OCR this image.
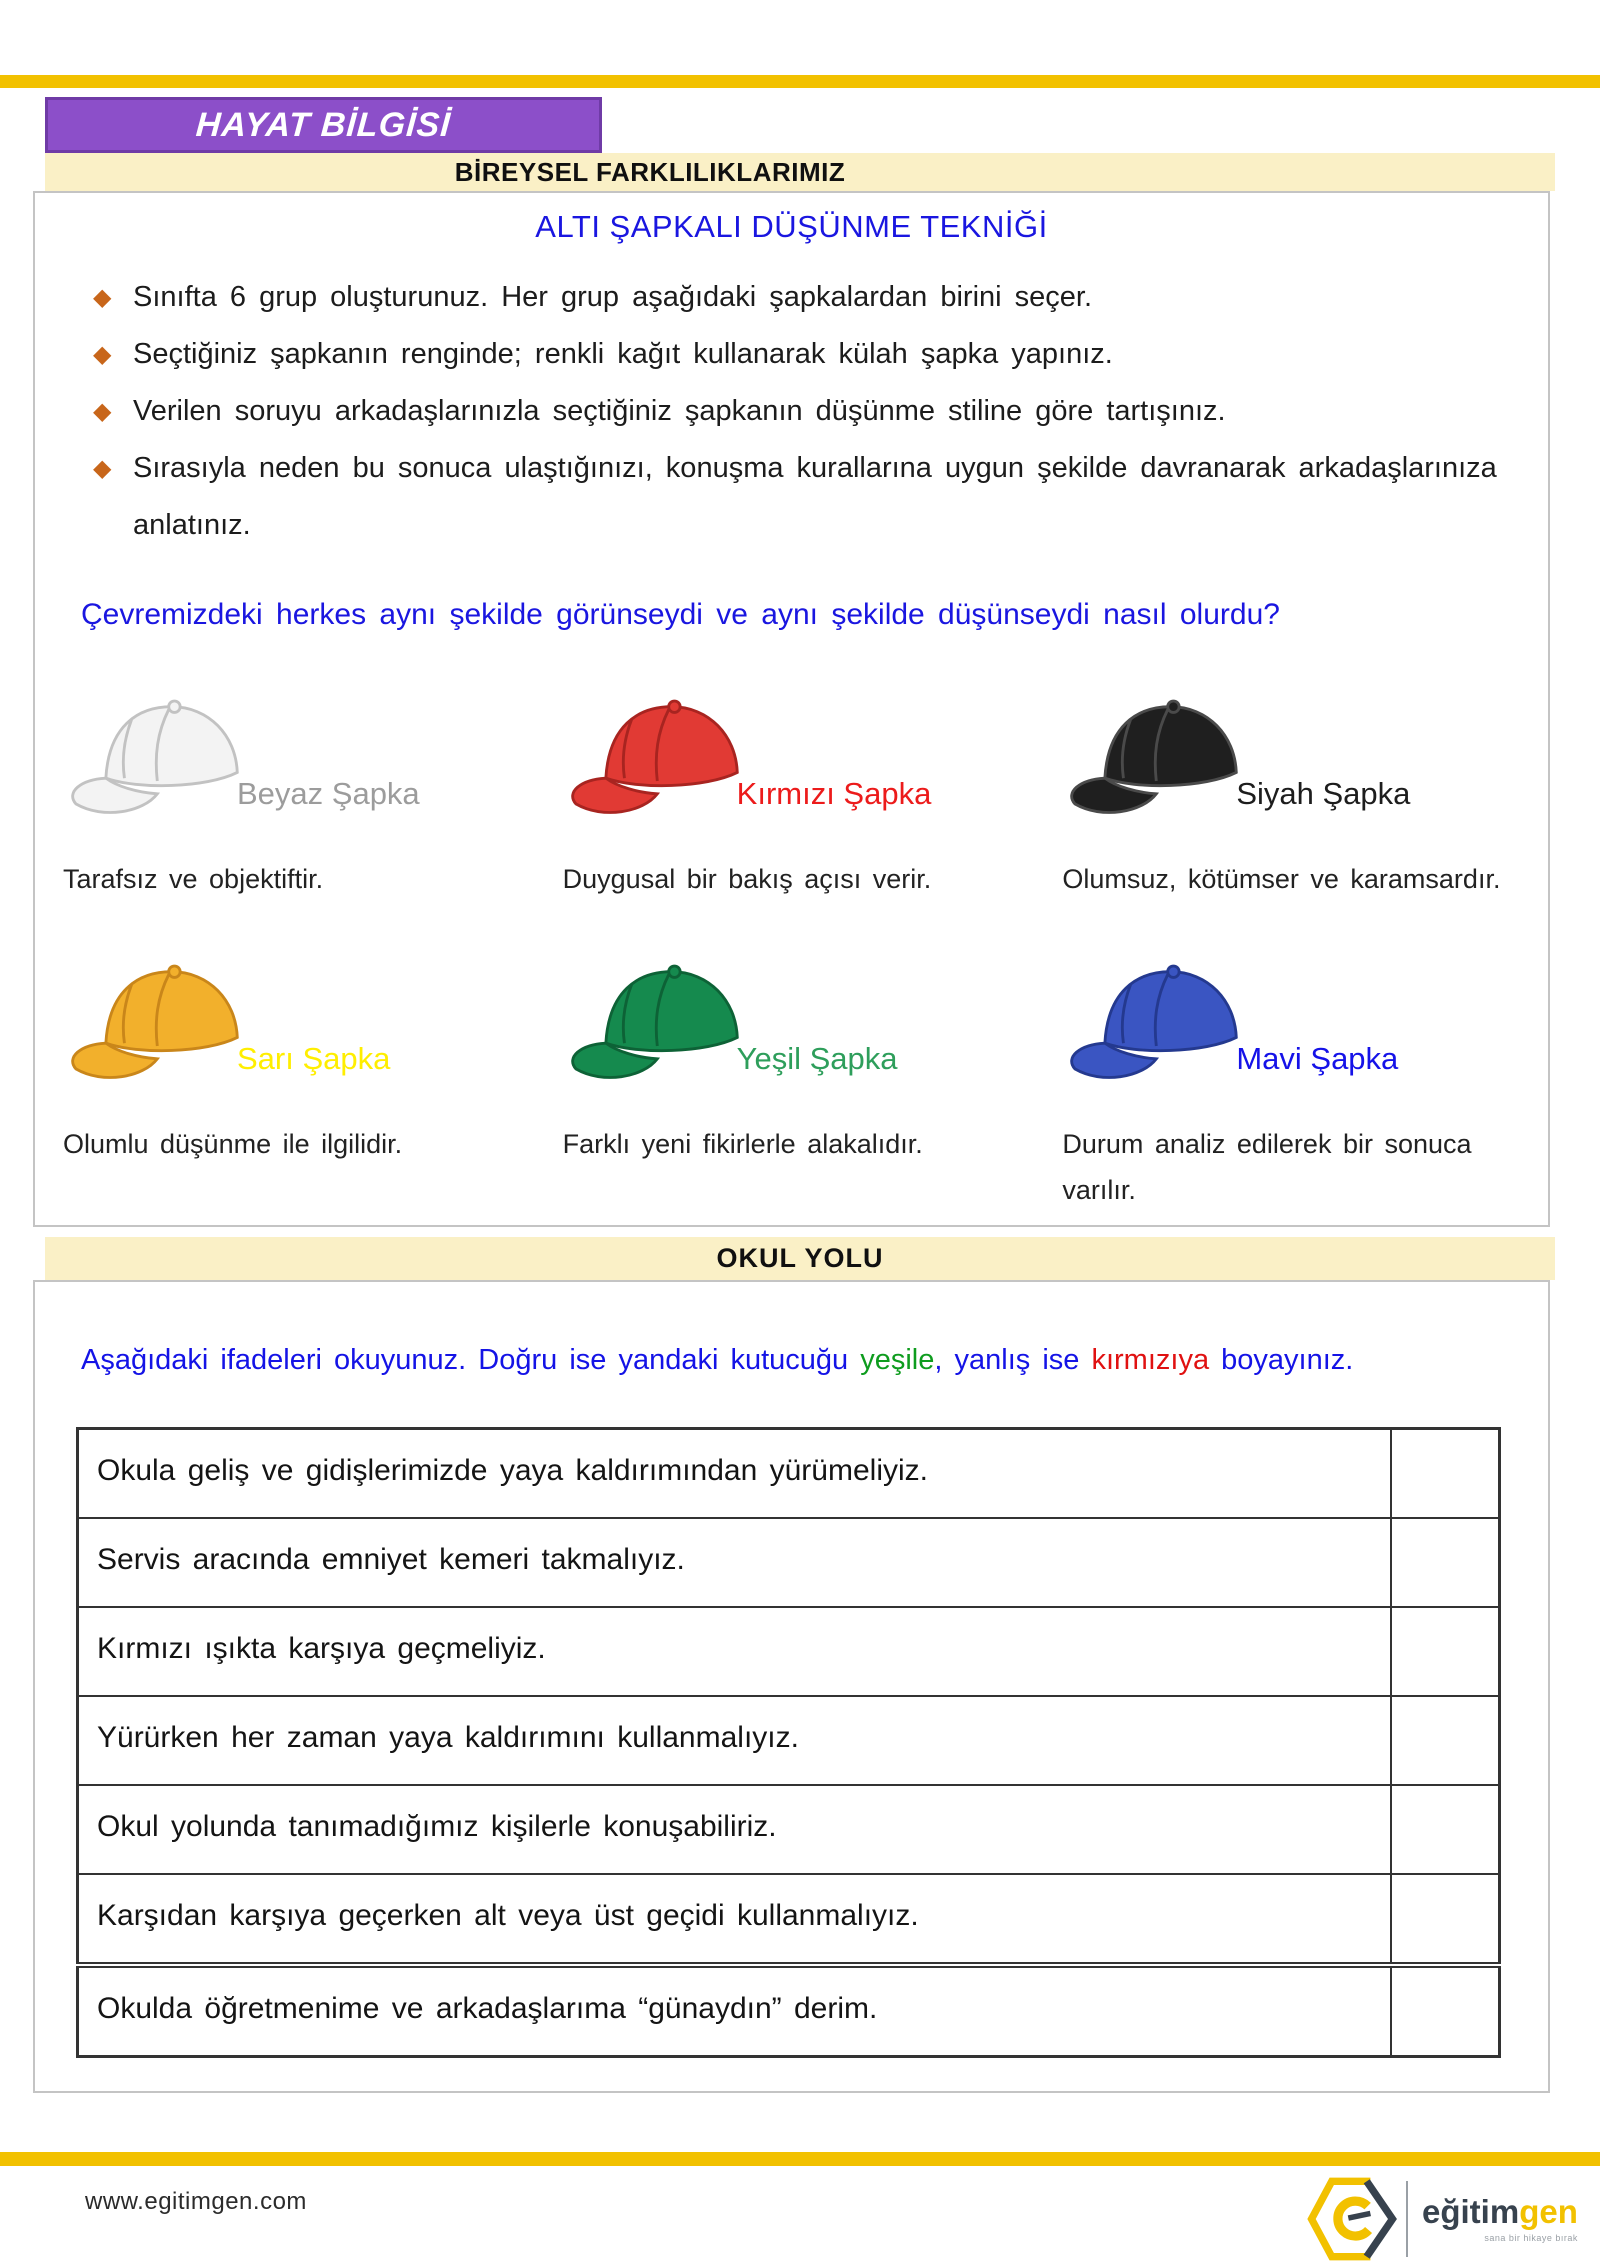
HAYAT BİLGİSİ
BİREYSEL FARKLILIKLARIMIZ
ALTI ŞAPKALI DÜŞÜNME TEKNİĞİ
◆ Sınıfta 6 grup oluşturunuz. Her grup aşağıdaki şapkalardan birini seçer.
◆ Seçtiğiniz şapkanın renginde; renkli kağıt kullanarak külah şapka yapınız.
◆ Verilen soruyu arkadaşlarınızla seçtiğiniz şapkanın düşünme stiline göre tartışınız.
◆ Sırasıyla neden bu sonuca ulaştığınızı, konuşma kurallarına uygun şekilde davranarak arkadaşlarınıza anlatınız.
Çevremizdeki herkes aynı şekilde görünseydi ve aynı şekilde düşünseydi nasıl olurdu?
Beyaz Şapka
Tarafsız ve objektiftir.
Kırmızı Şapka
Duygusal bir bakış açısı verir.
Siyah Şapka
Olumsuz, kötümser ve karamsardır.
Sarı Şapka
Olumlu düşünme ile ilgilidir.
Yeşil Şapka
Farklı yeni fikirlerle alakalıdır.
Mavi Şapka
Durum analiz edilerek bir sonuca varılır.
OKUL YOLU
Aşağıdaki ifadeleri okuyunuz. Doğru ise yandaki kutucuğu yeşile, yanlış ise kırmızıya boyayınız.
Okula geliş ve gidişlerimizde yaya kaldırımından yürümeliyiz.	
Servis aracında emniyet kemeri takmalıyız.	
Kırmızı ışıkta karşıya geçmeliyiz.	
Yürürken her zaman yaya kaldırımını kullanmalıyız.	
Okul yolunda tanımadığımız kişilerle konuşabiliriz.	
Karşıdan karşıya geçerken alt veya üst geçidi kullanmalıyız.	
Okulda öğretmenime ve arkadaşlarıma “günaydın” derim.	
www.egitimgen.com	eğitimgen
sana bir hikaye bırak
